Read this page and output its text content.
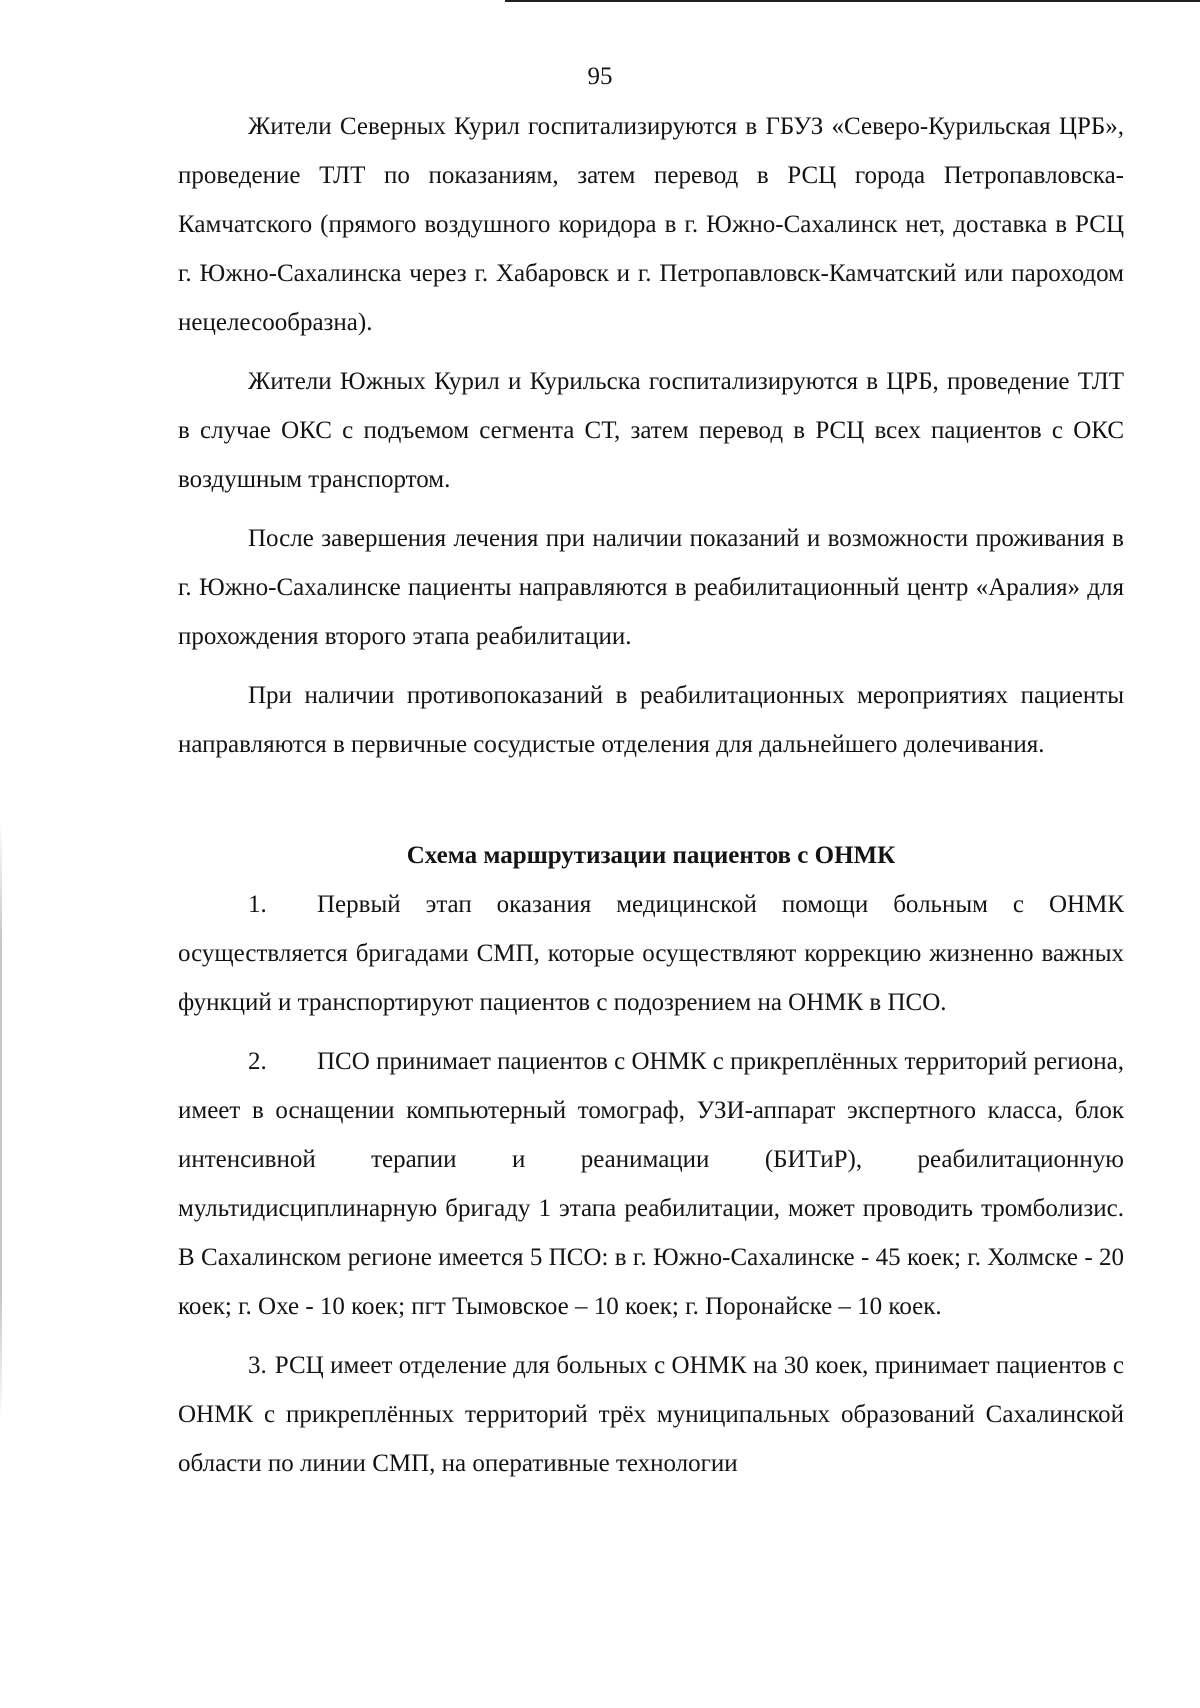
95

Жители Северных Курил госпитализируются в ГБУЗ «Северо-Курильская ЦРБ», проведение ТЛТ по показаниям, затем перевод в РСЦ города Петропавловска-Камчатского (прямого воздушного коридора в г. Южно-Сахалинск нет, доставка в РСЦ г. Южно-Сахалинска через г. Хабаровск и г. Петропавловск-Камчатский или пароходом нецелесообразна).

Жители Южных Курил и Курильска госпитализируются в ЦРБ, проведение ТЛТ в случае ОКС с подъемом сегмента СТ, затем перевод в РСЦ всех пациентов с ОКС воздушным транспортом.

После завершения лечения при наличии показаний и возможности проживания в г. Южно-Сахалинске пациенты направляются в реабилитационный центр «Аралия» для прохождения второго этапа реабилитации.

При наличии противопоказаний в реабилитационных мероприятиях пациенты направляются в первичные сосудистые отделения для дальнейшего долечивания.

Схема маршрутизации пациентов с ОНМК

1. Первый этап оказания медицинской помощи больным с ОНМК осуществляется бригадами СМП, которые осуществляют коррекцию жизненно важных функций и транспортируют пациентов с подозрением на ОНМК в ПСО.

2. ПСО принимает пациентов с ОНМК с прикреплённых территорий региона, имеет в оснащении компьютерный томограф, УЗИ-аппарат экспертного класса, блок интенсивной терапии и реанимации (БИТиР), реабилитационную мультидисциплинарную бригаду 1 этапа реабилитации, может проводить тромболизис. В Сахалинском регионе имеется 5 ПСО: в г. Южно-Сахалинске - 45 коек; г. Холмске - 20 коек; г. Охе - 10 коек; пгт Тымовское – 10 коек; г. Поронайске – 10 коек.

3. РСЦ имеет отделение для больных с ОНМК на 30 коек, принимает пациентов с ОНМК с прикреплённых территорий трёх муниципальных образований Сахалинской области по линии СМП, на оперативные технологии
